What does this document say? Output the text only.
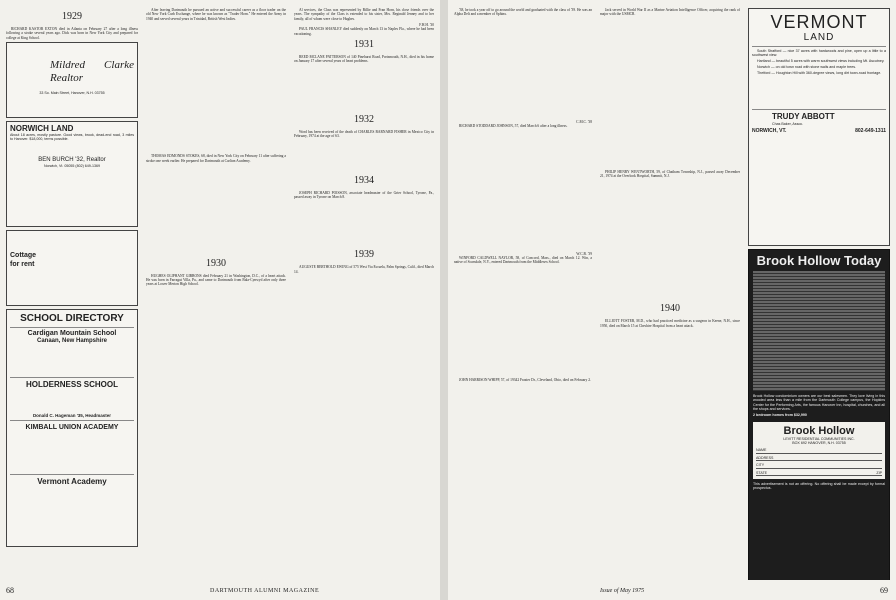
1929

RICHARD KASTOR EXTON died in Atlanta on February 27 after a long illness following a stroke several years ago. Dick was born in New York City and prepared for college at King School.

Mildred Clarke Realtor
33 So. Main Street, Hanover, N.H. 03755
NORWICH LAND
About 18 acres, mostly pasture. Good views, brook, dead-end road, 3 miles to Hanover. $18,000, terms possible.
BEN BURCH '32, Realtor
Norwich, Vt. 05055 (802) 649-1369
Cottage for rent
SCHOOL DIRECTORY
Cardigan Mountain School
Canaan, New Hampshire
HOLDERNESS SCHOOL
Donald C. Hageman '35, Headmaster
KIMBALL UNION ACADEMY
Vermont Academy

After leaving Dartmouth he pursued an active and successful career as a floor trader on the old New York Curb Exchange, where he was known as "Trader Horn." He entered the Army in 1940 and served several years in Trinidad, British West Indies.

THOMAS EDMONDS STOKES, 68, died in New York City on February 11 after suffering a stroke one week earlier. He prepared for Dartmouth at Carlton Academy.

1930

HUGHES OLIPHANT GIBBONS died February 21 in Washington, D.C., of a heart attack. He was born in Farragut Villa, Pa., and came to Dartmouth from Bala-Cynwyd after only three years at Lower Merion High School.

Al services, the Class was represented by Billie and Fran Horn, his close friends over the years. The sympathy of the Class is extended to his sister, Mrs. Reginald Jenney and to her family, all of whom were close to Hughes.

F.H.H. '30

PAUL FRANCIS SHANLEY died suddenly on March 13 in Naples Fla., where he had been vacationing.

1931

REED MCLANE PATTERSON of 140 Pinehurst Road, Portsmouth, N.H., died in his home on January 17 after several years of heart problems.

1932

Word has been received of the death of CHARLES BARNARD FISHER in Mexico City in February, 1974 at the age of 63.

1934

JOSEPH RICHARD POISSON, associate headmaster of the Grier School, Tyrone, Pa., passed away in Tyrone on March 8.

1939

AUGUSTE BERTHOLD EWING of 575 West Via Escuela, Palm Springs, Calif., died March 14.

68	DARTMOUTH ALUMNI MAGAZINE

'38, he took a year off to go around the world and graduated with the class of '39. He was an Alpha Delt and a member of Sphinx.

C.M.C. '38

RICHARD STODDARD JOHNSON, 57, died March 6 after a long illness.

W.C.B. '39

WINFORD CALDWELL NAYLOR, 58, of Concord, Mass., died on March 12. Win, a native of Scarsdale, N.Y., entered Dartmouth from the Middlesex School.

JOHN HARRISON WHIPP, 57, of 19342 Frazier Dr., Cleveland, Ohio, died on February 2.

Jack served in World War II as a Marine Aviation Intelligence Officer, acquiring the rank of major with the USMCR.

PHILIP HENRY WENTWORTH, 59, of Chatham Township, N.J., passed away December 21, 1974 at the Overlook Hospital, Summit, N.J.

1940

ELLIOTT FOSTER, M.D., who had practiced medicine as a surgeon in Keene, N.H., since 1950, died on March 15 at Cheshire Hospital from a heart attack.

VERMONT
LAND

South Strafford — nice 37 acres with hardwoods and pine, open up a little to a southwest view.

Hartland — beautiful 5 acres with warm southwest views including Mt. Ascutney.

Norwich — on old town road with stone walls and maple trees.

Thetford — Houghton Hill with 360-degree views, long dirt town-road frontage.

TRUDY ABBOTT
Chas Baker, Assoc.
NORWICH, VT.	802-649-1311
Brook Hollow Today

Brook Hollow condominium owners are our best salesmen. They love living in this wooded area less than a mile from the Dartmouth College campus, the Hopkins Center for the Performing Arts, the famous Hanover Inn, hospital, churches, and all the shops and services.

2 bedroom homes from $32,990
Brook Hollow
LEVITT RESIDENTIAL COMMUNITIES INC.
BOX 692 HANOVER, N.H. 03755
NAME
ADDRESS
CITY
STATE	ZIP

This advertisement is not an offering. No offering shall be made except by formal prospectus.

Issue of May 1975	69
